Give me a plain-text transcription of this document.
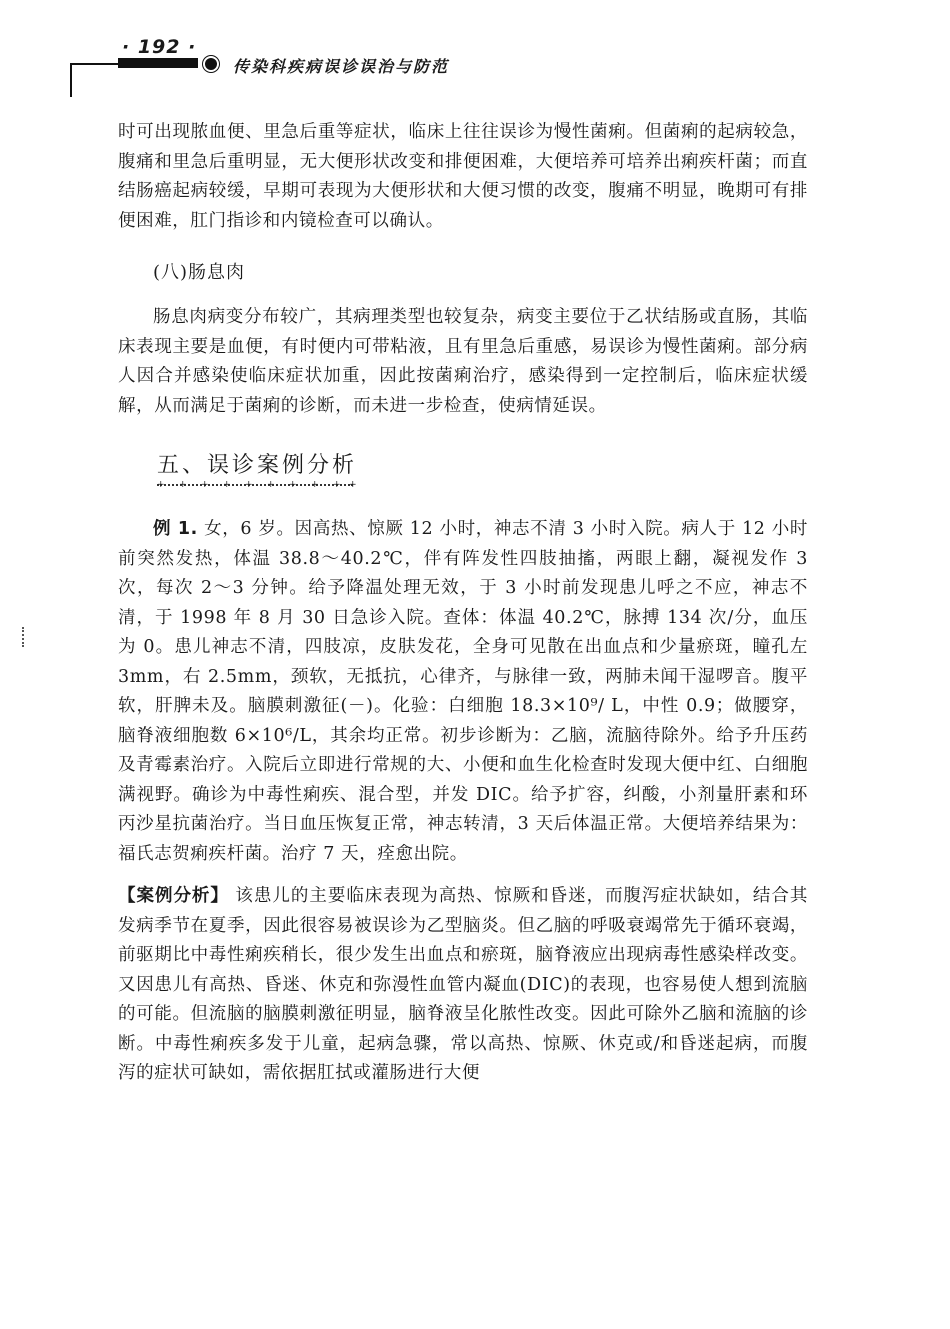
· 192 ·
传染科疾病误诊误治与防范

时可出现脓血便、里急后重等症状，临床上往往误诊为慢性菌痢。但菌痢的起病较急，腹痛和里急后重明显，无大便形状改变和排便困难，大便培养可培养出痢疾杆菌；而直结肠癌起病较缓，早期可表现为大便形状和大便习惯的改变，腹痛不明显，晚期可有排便困难，肛门指诊和内镜检查可以确认。

(八)肠息肉

肠息肉病变分布较广，其病理类型也较复杂，病变主要位于乙状结肠或直肠，其临床表现主要是血便，有时便内可带粘液，且有里急后重感，易误诊为慢性菌痢。部分病人因合并感染使临床症状加重，因此按菌痢治疗，感染得到一定控制后，临床症状缓解，从而满足于菌痢的诊断，而未进一步检查，使病情延误。

五、误诊案例分析
+ + + + + + + + + +

例 1. 女，6 岁。因高热、惊厥 12 小时，神志不清 3 小时入院。病人于 12 小时前突然发热，体温 38.8～40.2℃，伴有阵发性四肢抽搐，两眼上翻，凝视发作 3 次，每次 2～3 分钟。给予降温处理无效，于 3 小时前发现患儿呼之不应，神志不清，于 1998 年 8 月 30 日急诊入院。查体：体温 40.2℃，脉搏 134 次/分，血压为 0。患儿神志不清，四肢凉，皮肤发花，全身可见散在出血点和少量瘀斑，瞳孔左 3mm，右 2.5mm，颈软，无抵抗，心律齐，与脉律一致，两肺未闻干湿啰音。腹平软，肝脾未及。脑膜刺激征(－)。化验：白细胞 18.3×10⁹/ L，中性 0.9；做腰穿，脑脊液细胞数 6×10⁶/L，其余均正常。初步诊断为：乙脑，流脑待除外。给予升压药及青霉素治疗。入院后立即进行常规的大、小便和血生化检查时发现大便中红、白细胞满视野。确诊为中毒性痢疾、混合型，并发 DIC。给予扩容，纠酸，小剂量肝素和环丙沙星抗菌治疗。当日血压恢复正常，神志转清，3 天后体温正常。大便培养结果为：福氏志贺痢疾杆菌。治疗 7 天，痊愈出院。

【案例分析】 该患儿的主要临床表现为高热、惊厥和昏迷，而腹泻症状缺如，结合其发病季节在夏季，因此很容易被误诊为乙型脑炎。但乙脑的呼吸衰竭常先于循环衰竭，前驱期比中毒性痢疾稍长，很少发生出血点和瘀斑，脑脊液应出现病毒性感染样改变。又因患儿有高热、昏迷、休克和弥漫性血管内凝血(DIC)的表现，也容易使人想到流脑的可能。但流脑的脑膜刺激征明显，脑脊液呈化脓性改变。因此可除外乙脑和流脑的诊断。中毒性痢疾多发于儿童，起病急骤，常以高热、惊厥、休克或/和昏迷起病，而腹泻的症状可缺如，需依据肛拭或灌肠进行大便
